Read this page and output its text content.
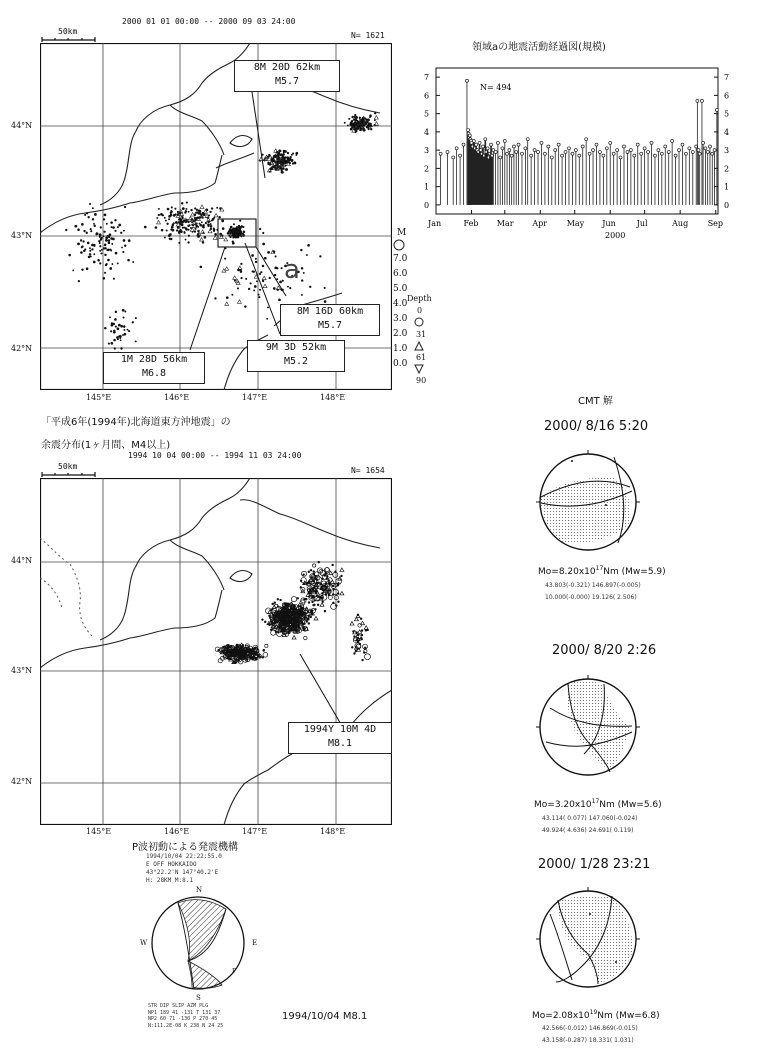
2000 01 01 00:00 -- 2000 09 03 24:00
N= 1621
50km
44°N
43°N
42°N
145°E	146°E	147°E	148°E
a
8M 20D 62km
M5.7
8M 16D 60km
M5.7
9M 3D 52km
M5.2
1M 28D 56km
M6.8
M
7.0
6.0
5.0
4.0
3.0
2.0
1.0
0.0
Depth
0
31
61
90
領域aの地震活動経過図(規模)
0	0
1	1
2	2
3	3
4	4
5	5
6	6
7	7
Jan	Feb Mar Apr May Jun	Jul	Aug Sep
2000
N= 494
「平成6年(1994年)北海道東方沖地震」の
余震分布(1ヶ月間、M4以上)
1994 10 04 00:00 -- 1994 11 03 24:00
N= 1654
50km
44°N
43°N
42°N
145°E	146°E	147°E	148°E
1994Y 10M 4D
M8.1
P波初動による発震機構
1994/10/04 22:22:55.0
E OFF HOKKAIDO
43°22.2'N 147°40.2'E
H: 28KM M:8.1
N
S
W	E
P
STR DIP SLIP AZM PLG
NP1 189 41 -131 T 131 37
NP2 60 71 -130 P 270 45
N:111.2E-08 K 238 N 24 25
1994/10/04 M8.1
CMT 解
2000/ 8/16 5:20
$Mo=8.20x10^{17}Nm$ (Mw=5.9)
43.803(-0.321) 146.897(-0.005)
10.000(-0.000) 19.126( 2.506)
2000/ 8/20 2:26
$Mo=3.20x10^{17}Nm$ (Mw=5.6)
43.114( 0.077) 147.060(-0.024)
49.924( 4.636) 24.691( 0.119)
2000/ 1/28 23:21
$Mo=2.08x10^{19}Nm$ (Mw=6.8)
42.566(-0.012) 146.869(-0.015)
43.158(-0.287) 18.331( 1.031)
